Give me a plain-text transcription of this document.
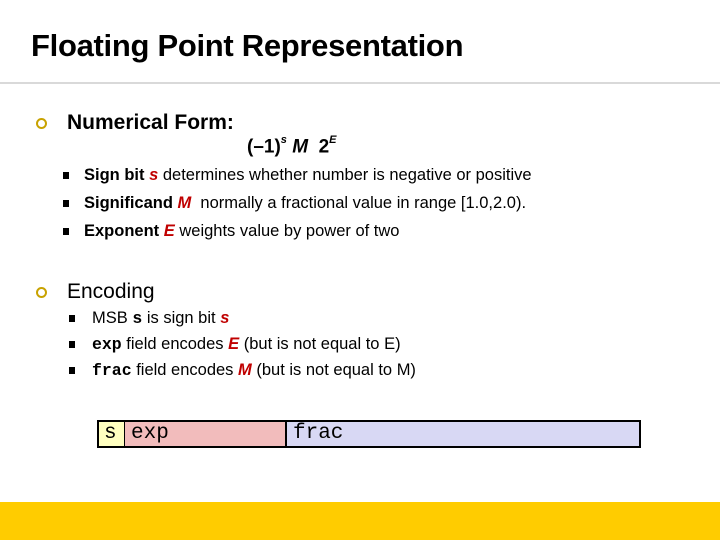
Floating Point Representation
Numerical Form:
$(-1)^s$ M $2^E$
Sign bit s determines whether number is negative or positive
Significand M  normally a fractional value in range [1.0,2.0).
Exponent E weights value by power of two
Encoding
MSB s is sign bit s
exp field encodes E (but is not equal to E)
frac field encodes M (but is not equal to M)
s exp	frac
